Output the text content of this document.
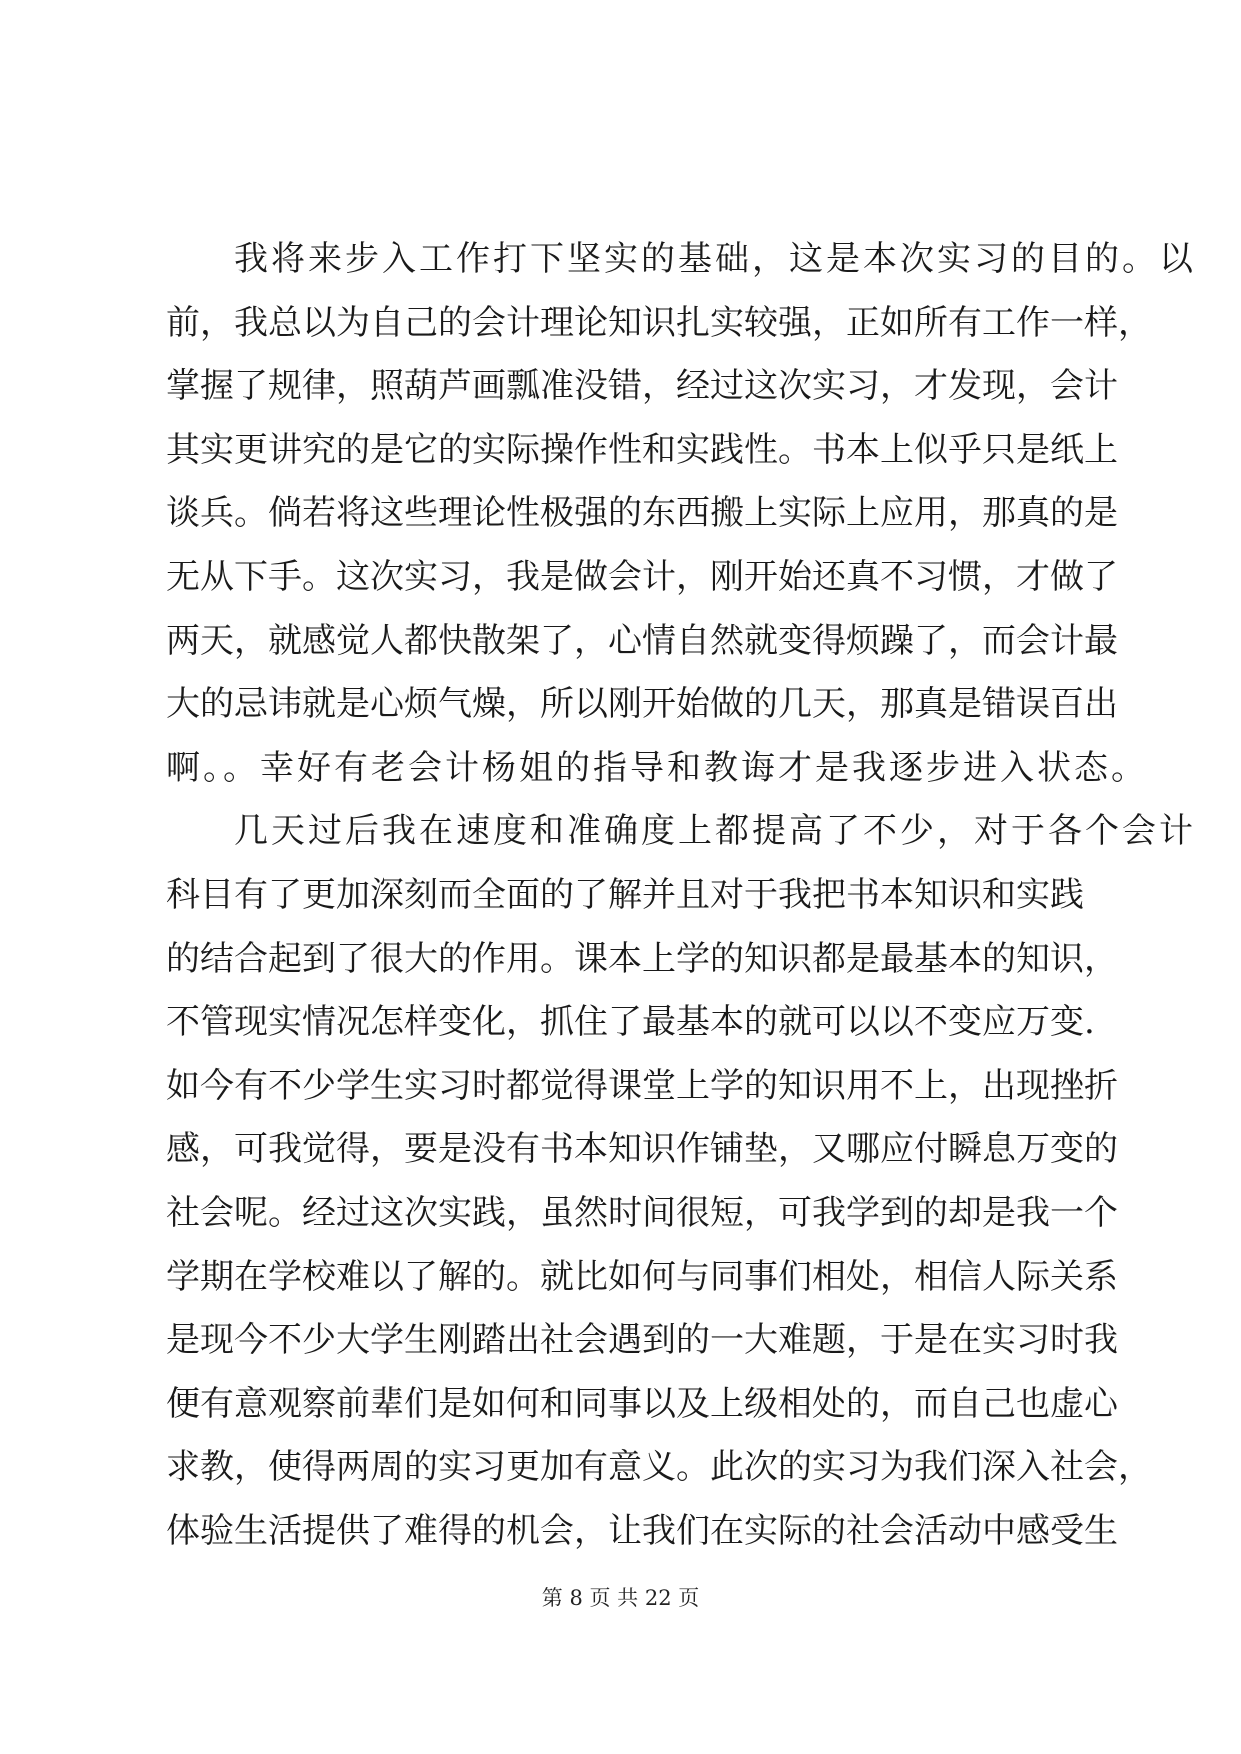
我将来步入工作打下坚实的基础，这是本次实习的目的。以
前，我总以为自己的会计理论知识扎实较强，正如所有工作一样，
掌握了规律，照葫芦画瓢准没错，经过这次实习，才发现，会计
其实更讲究的是它的实际操作性和实践性。书本上似乎只是纸上
谈兵。倘若将这些理论性极强的东西搬上实际上应用，那真的是
无从下手。这次实习，我是做会计，刚开始还真不习惯，才做了
两天，就感觉人都快散架了，心情自然就变得烦躁了，而会计最
大的忌讳就是心烦气燥，所以刚开始做的几天，那真是错误百出
啊。。幸好有老会计杨姐的指导和教诲才是我逐步进入状态。
几天过后我在速度和准确度上都提高了不少，对于各个会计
科目有了更加深刻而全面的了解并且对于我把书本知识和实践
的结合起到了很大的作用。课本上学的知识都是最基本的知识，
不管现实情况怎样变化，抓住了最基本的就可以以不变应万变.
如今有不少学生实习时都觉得课堂上学的知识用不上，出现挫折
感，可我觉得，要是没有书本知识作铺垫，又哪应付瞬息万变的
社会呢。经过这次实践，虽然时间很短，可我学到的却是我一个
学期在学校难以了解的。就比如何与同事们相处，相信人际关系
是现今不少大学生刚踏出社会遇到的一大难题，于是在实习时我
便有意观察前辈们是如何和同事以及上级相处的，而自己也虚心
求教，使得两周的实习更加有意义。此次的实习为我们深入社会，
体验生活提供了难得的机会，让我们在实际的社会活动中感受生
第 8 页 共 22 页
